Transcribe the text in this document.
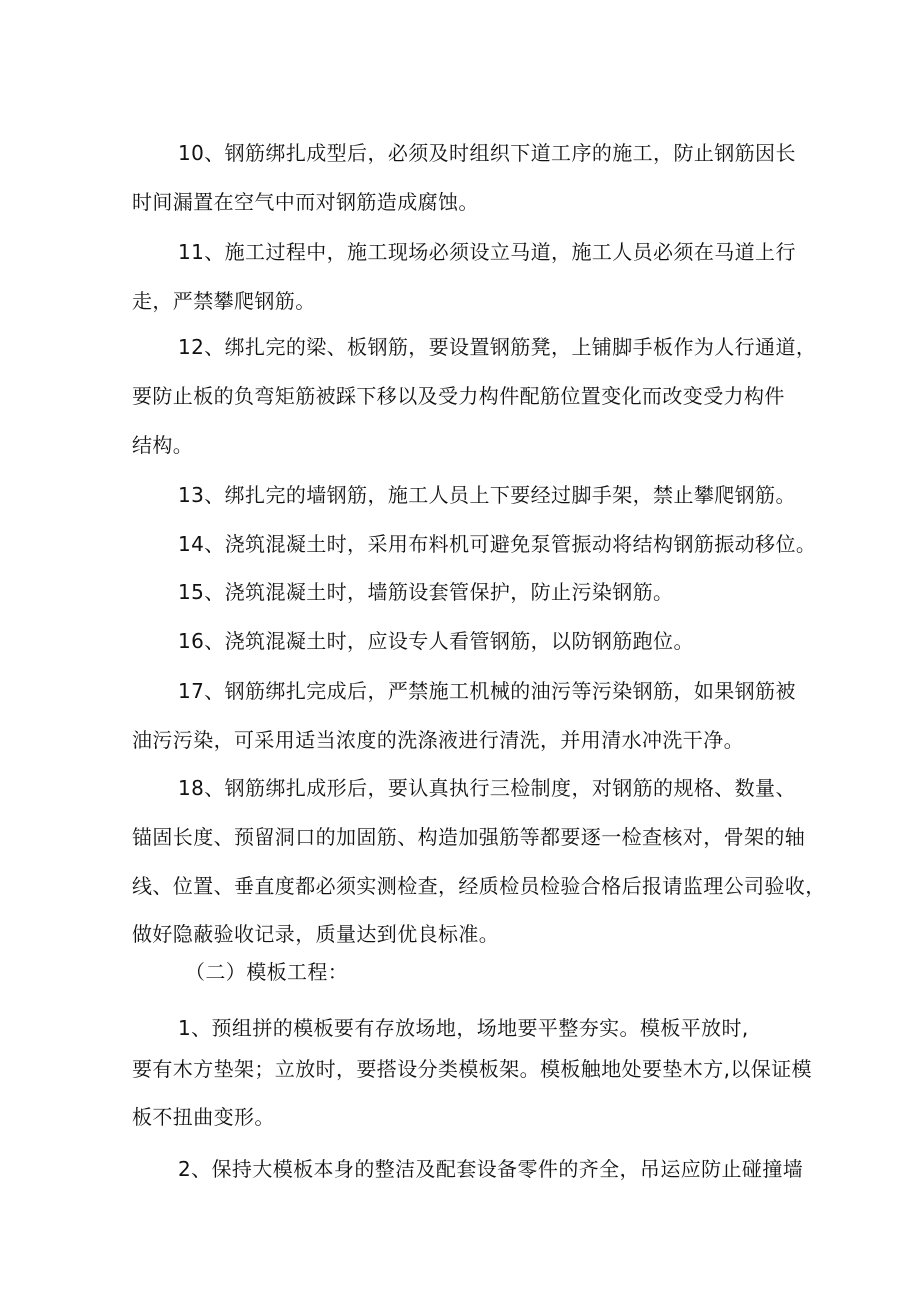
10、钢筋绑扎成型后，必须及时组织下道工序的施工，防止钢筋因长
时间漏置在空气中而对钢筋造成腐蚀。
11、施工过程中，施工现场必须设立马道，施工人员必须在马道上行
走，严禁攀爬钢筋。
12、绑扎完的梁、板钢筋，要设置钢筋凳，上铺脚手板作为人行通道，
要防止板的负弯矩筋被踩下移以及受力构件配筋位置变化而改变受力构件
结构。
13、绑扎完的墙钢筋，施工人员上下要经过脚手架，禁止攀爬钢筋。
14、浇筑混凝土时，采用布料机可避免泵管振动将结构钢筋振动移位。
15、浇筑混凝土时，墙筋设套管保护，防止污染钢筋。
16、浇筑混凝土时，应设专人看管钢筋，以防钢筋跑位。
17、钢筋绑扎完成后，严禁施工机械的油污等污染钢筋，如果钢筋被
油污污染，可采用适当浓度的洗涤液进行清洗，并用清水冲洗干净。
18、钢筋绑扎成形后，要认真执行三检制度，对钢筋的规格、数量、
锚固长度、预留洞口的加固筋、构造加强筋等都要逐一检查核对，骨架的轴
线、位置、垂直度都必须实测检查，经质检员检验合格后报请监理公司验收，
做好隐蔽验收记录，质量达到优良标准。
（二）模板工程：
1、预组拼的模板要有存放场地，场地要平整夯实。模板平放时,
要有木方垫架；立放时，要搭设分类模板架。模板触地处要垫木方,以保证模
板不扭曲变形。
2、保持大模板本身的整洁及配套设备零件的齐全，吊运应防止碰撞墙
